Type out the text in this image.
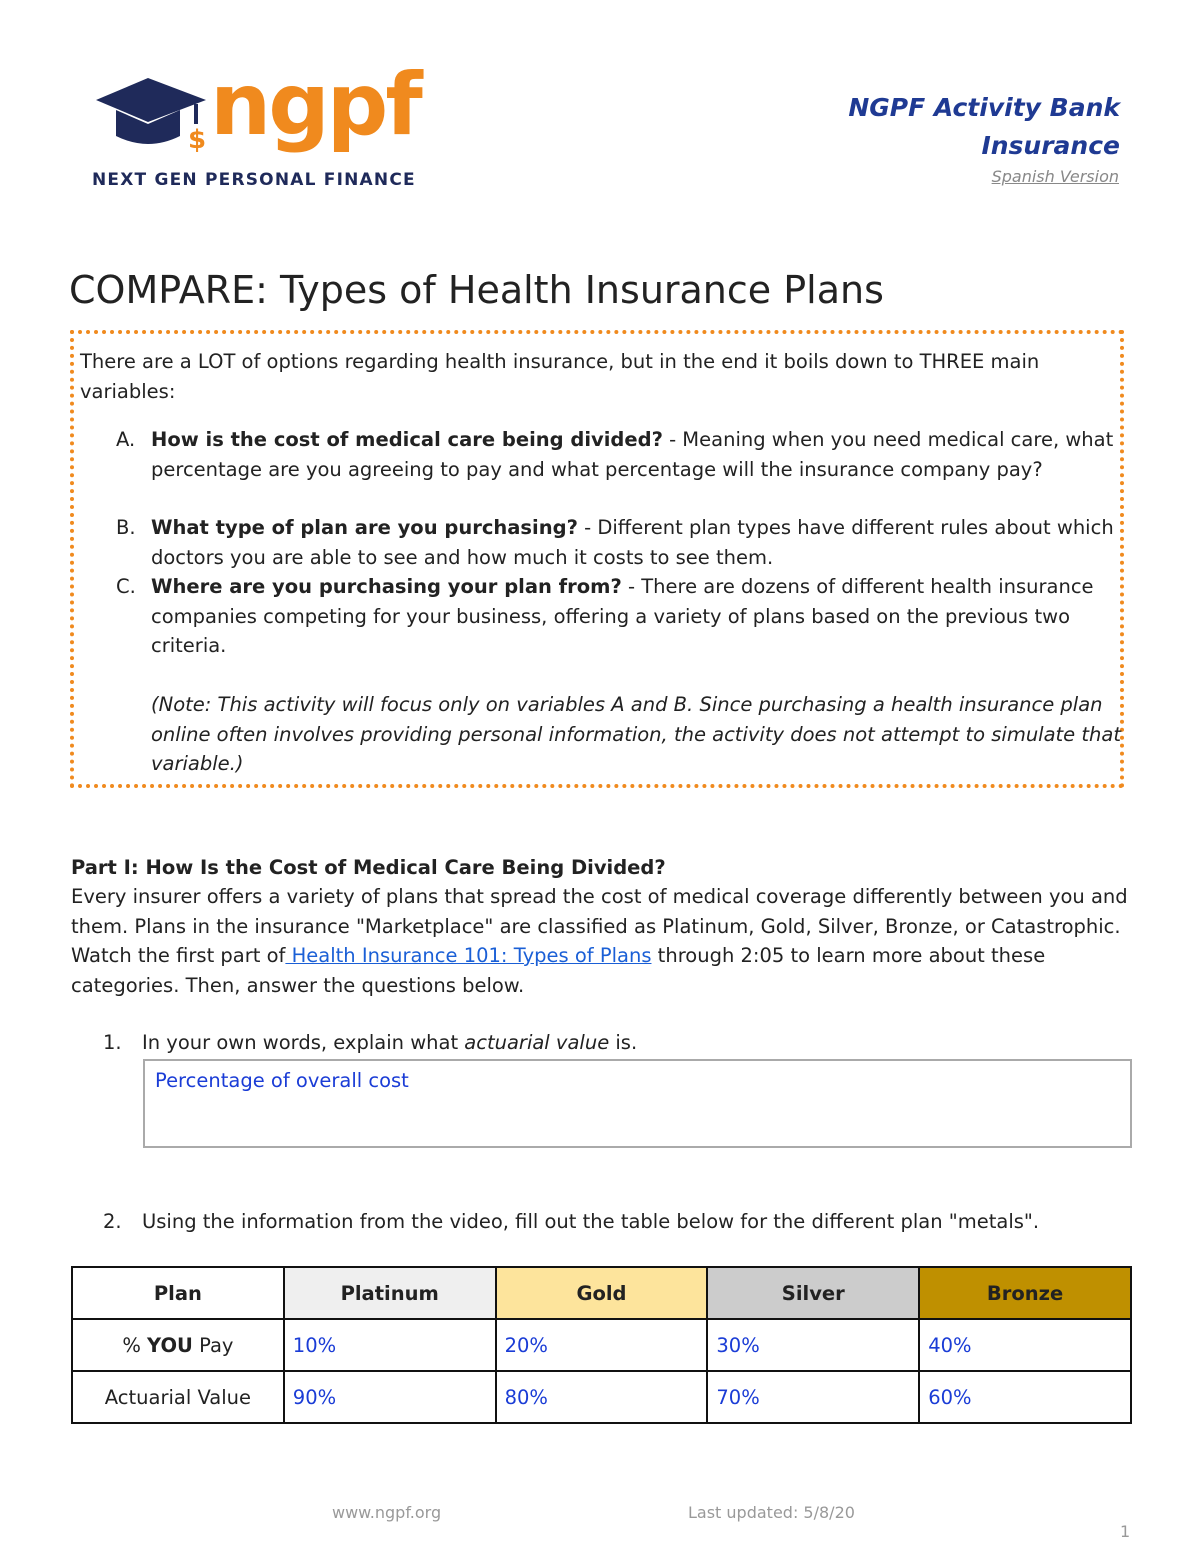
$ ngpf
NEXT GEN PERSONAL FINANCE
NGPF Activity Bank
Insurance
Spanish Version
COMPARE: Types of Health Insurance Plans
There are a LOT of options regarding health insurance, but in the end it boils down to THREE main variables:
A. How is the cost of medical care being divided? - Meaning when you need medical care, what percentage are you agreeing to pay and what percentage will the insurance company pay?
B. What type of plan are you purchasing? - Different plan types have different rules about which doctors you are able to see and how much it costs to see them.
C. Where are you purchasing your plan from? - There are dozens of different health insurance companies competing for your business, offering a variety of plans based on the previous two criteria.
(Note: This activity will focus only on variables A and B. Since purchasing a health insurance plan online often involves providing personal information, the activity does not attempt to simulate that variable.)
Part I: How Is the Cost of Medical Care Being Divided?
Every insurer offers a variety of plans that spread the cost of medical coverage differently between you and them. Plans in the insurance "Marketplace" are classified as Platinum, Gold, Silver, Bronze, or Catastrophic. Watch the first part of Health Insurance 101: Types of Plans through 2:05 to learn more about these categories. Then, answer the questions below.
1. In your own words, explain what actuarial value is.
Percentage of overall cost
2. Using the information from the video, fill out the table below for the different plan "metals".
Plan	Platinum	Gold	Silver	Bronze
% YOU Pay	10%	20%	30%	40%
Actuarial Value	90%	80%	70%	60%
www.ngpf.org	Last updated: 5/8/20
1
